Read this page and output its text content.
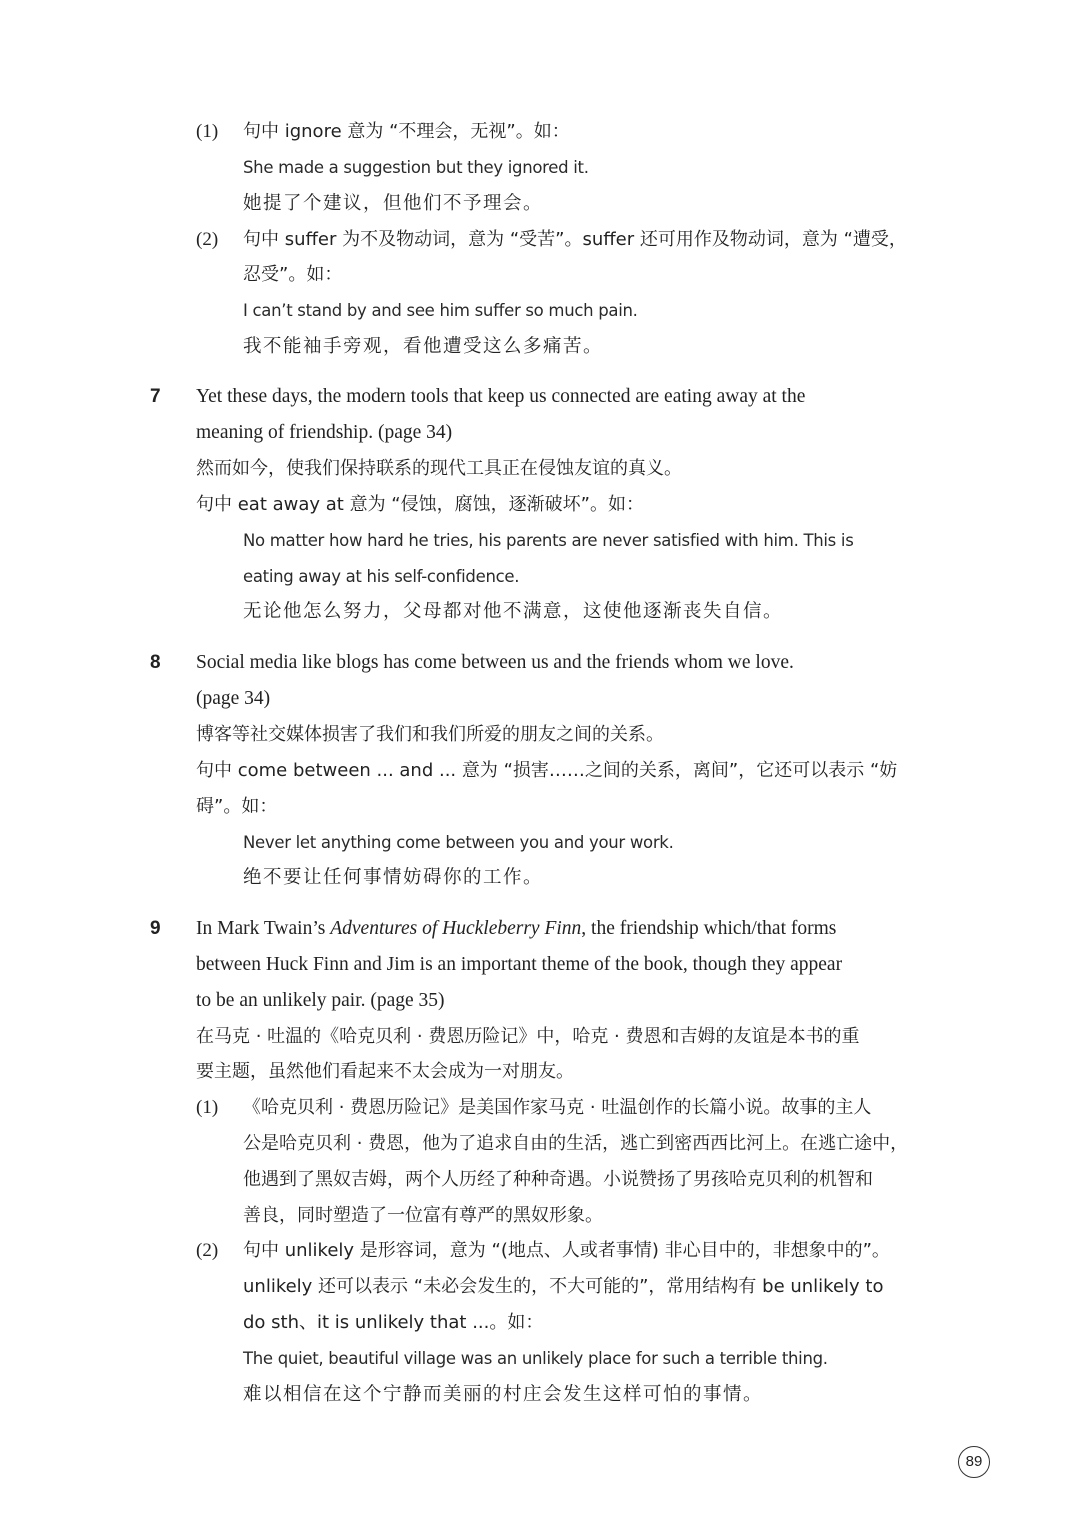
(1) 句中 ignore 意为 “不理会，无视”。如：
She made a suggestion but they ignored it.
她提了个建议，但他们不予理会。
(2) 句中 suffer 为不及物动词，意为 “受苦”。suffer 还可用作及物动词，意为 “遭受，
忍受”。如：
I can’t stand by and see him suffer so much pain.
我不能袖手旁观，看他遭受这么多痛苦。
7 Yet these days, the modern tools that keep us connected are eating away at the
meaning of friendship. (page 34)
然而如今，使我们保持联系的现代工具正在侵蚀友谊的真义。
句中 eat away at 意为 “侵蚀，腐蚀，逐渐破坏”。如：
No matter how hard he tries, his parents are never satisfied with him. This is
eating away at his self-confidence.
无论他怎么努力，父母都对他不满意，这使他逐渐丧失自信。
8 Social media like blogs has come between us and the friends whom we love.
(page 34)
博客等社交媒体损害了我们和我们所爱的朋友之间的关系。
句中 come between ... and ... 意为 “损害……之间的关系，离间”，它还可以表示 “妨
碍”。如：
Never let anything come between you and your work.
绝不要让任何事情妨碍你的工作。
9 In Mark Twain’s Adventures of Huckleberry Finn, the friendship which/that forms
between Huck Finn and Jim is an important theme of the book, though they appear
to be an unlikely pair. (page 35)
在马克 · 吐温的《哈克贝利 · 费恩历险记》中，哈克 · 费恩和吉姆的友谊是本书的重
要主题，虽然他们看起来不太会成为一对朋友。
(1) 《哈克贝利 · 费恩历险记》是美国作家马克 · 吐温创作的长篇小说。故事的主人
公是哈克贝利 · 费恩，他为了追求自由的生活，逃亡到密西西比河上。在逃亡途中，
他遇到了黑奴吉姆，两个人历经了种种奇遇。小说赞扬了男孩哈克贝利的机智和
善良，同时塑造了一位富有尊严的黑奴形象。
(2) 句中 unlikely 是形容词，意为 “(地点、人或者事情) 非心目中的，非想象中的”。
unlikely 还可以表示 “未必会发生的，不大可能的”，常用结构有 be unlikely to
do sth、it is unlikely that ...。如：
The quiet, beautiful village was an unlikely place for such a terrible thing.
难以相信在这个宁静而美丽的村庄会发生这样可怕的事情。
89
